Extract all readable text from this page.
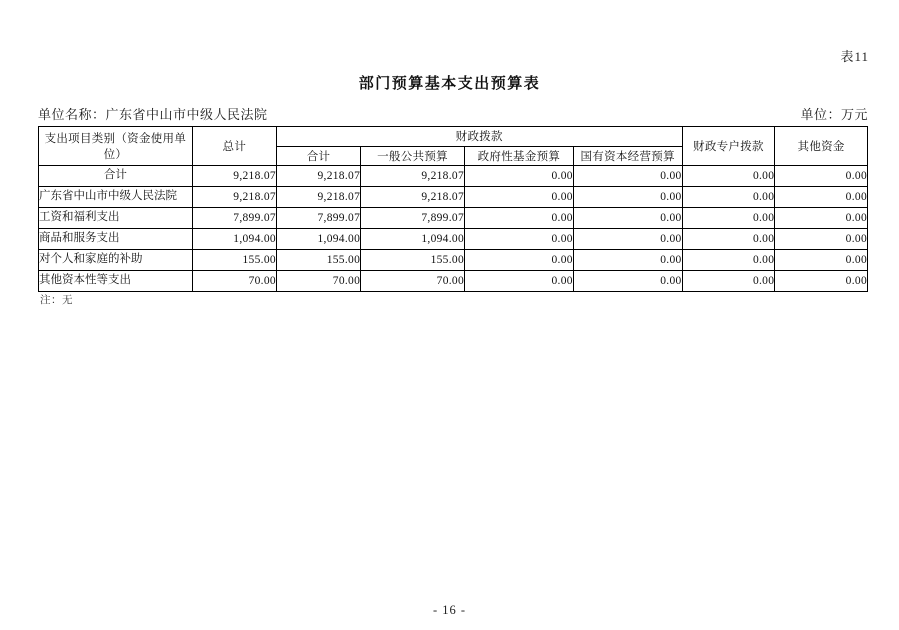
表11
部门预算基本支出预算表
单位名称：广东省中山市中级人民法院	单位：万元
支出项目类别（资金使用单位）	总计	财政拨款				财政专户拨款	其他资金
		合计	一般公共预算	政府性基金预算	国有资本经营预算		
合计	9,218.07	9,218.07	9,218.07	0.00	0.00	0.00	0.00
广东省中山市中级人民法院	9,218.07	9,218.07	9,218.07	0.00	0.00	0.00	0.00
工资和福利支出	7,899.07	7,899.07	7,899.07	0.00	0.00	0.00	0.00
商品和服务支出	1,094.00	1,094.00	1,094.00	0.00	0.00	0.00	0.00
对个人和家庭的补助	155.00	155.00	155.00	0.00	0.00	0.00	0.00
其他资本性等支出	70.00	70.00	70.00	0.00	0.00	0.00	0.00
注：无
- 16 -
